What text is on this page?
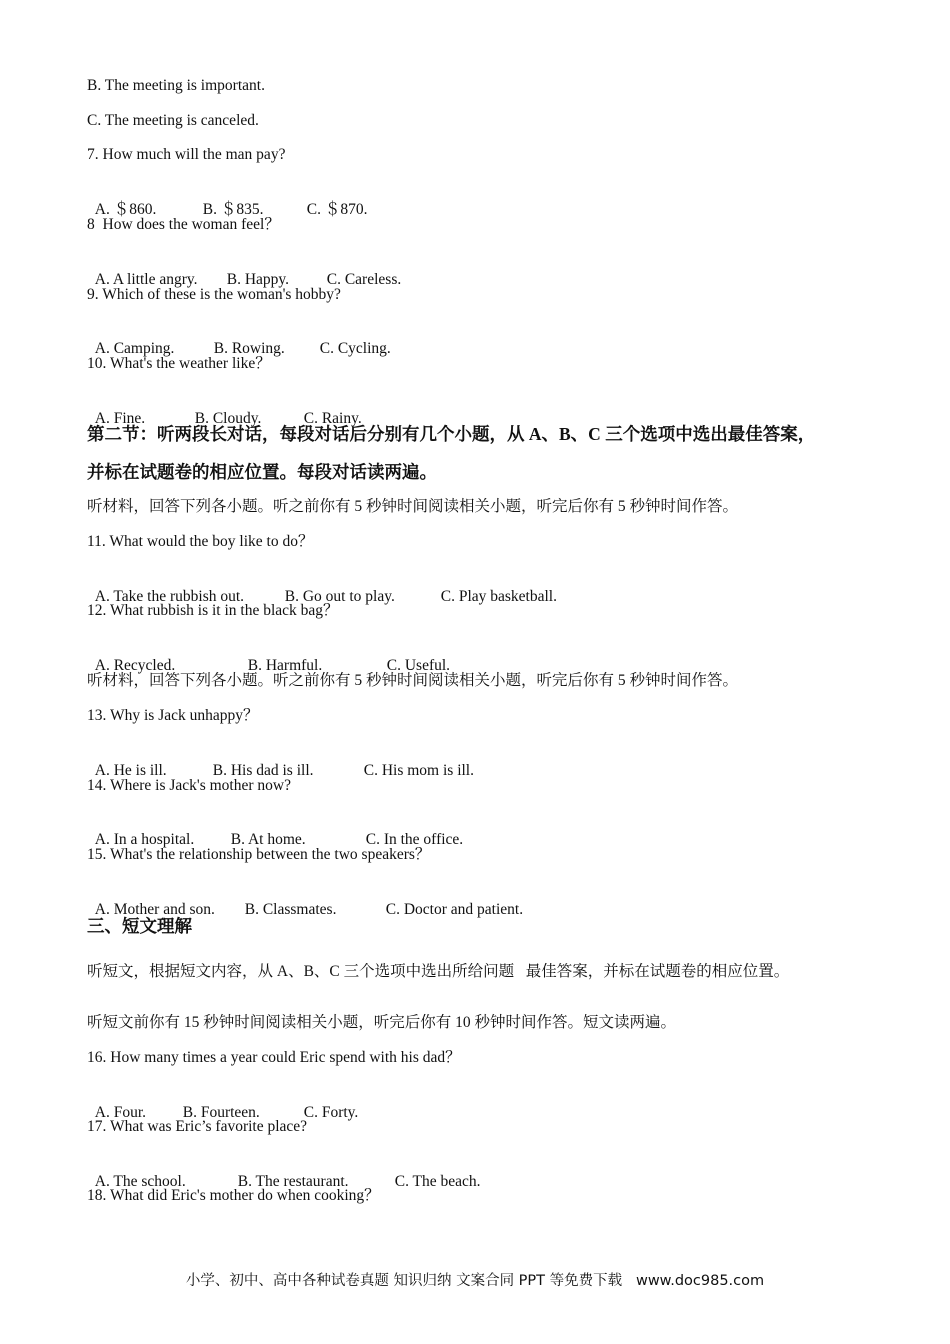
B. The meeting is important.
C. The meeting is canceled.
7. How much will the man pay?

A. ＄860.	B. ＄835.	C. ＄870.

8  How does the woman feel？

A. A little angry. B. Happy. C. Careless.

9. Which of these is the woman's hobby?

A. Camping.	B. Rowing. C. Cycling.

10. What's the weather like？

A. Fine.	B. Cloudy.	C. Rainy.

第二节：听两段长对话，每段对话后分别有几个小题，从 A、B、C 三个选项中选出最佳答案，
并标在试题卷的相应位置。每段对话读两遍。
听材料，回答下列各小题。听之前你有 5 秒钟时间阅读相关小题，听完后你有 5 秒钟时间作答。
11. What would the boy like to do？

A. Take the rubbish out.	B. Go out to play.	C. Play basketball.

12. What rubbish is it in the black bag？

A. Recycled.	B. Harmful.	C. Useful.

听材料，回答下列各小题。听之前你有 5 秒钟时间阅读相关小题，听完后你有 5 秒钟时间作答。
13. Why is Jack unhappy？

A. He is ill.	B. His dad is ill.	C. His mom is ill.

14. Where is Jack's mother now?

A. In a hospital. B. At home.	C. In the office.

15. What's the relationship between the two speakers？

A. Mother and son. B. Classmates.	C. Doctor and patient.

三、短文理解
听短文，根据短文内容，从 A、B、C 三个选项中选出所给问题   最佳答案，并标在试题卷的相应位置。
听短文前你有 15 秒钟时间阅读相关小题，听完后你有 10 秒钟时间作答。短文读两遍。
16. How many times a year could Eric spend with his dad？

A. Four. B. Fourteen.	C. Forty.

17. What was Eric’s favorite place?

A. The school.	B. The restaurant.	C. The beach.

18. What did Eric's mother do when cooking？
小学、初中、高中各种试卷真题 知识归纳 文案合同 PPT 等免费下载   www.doc985.com
